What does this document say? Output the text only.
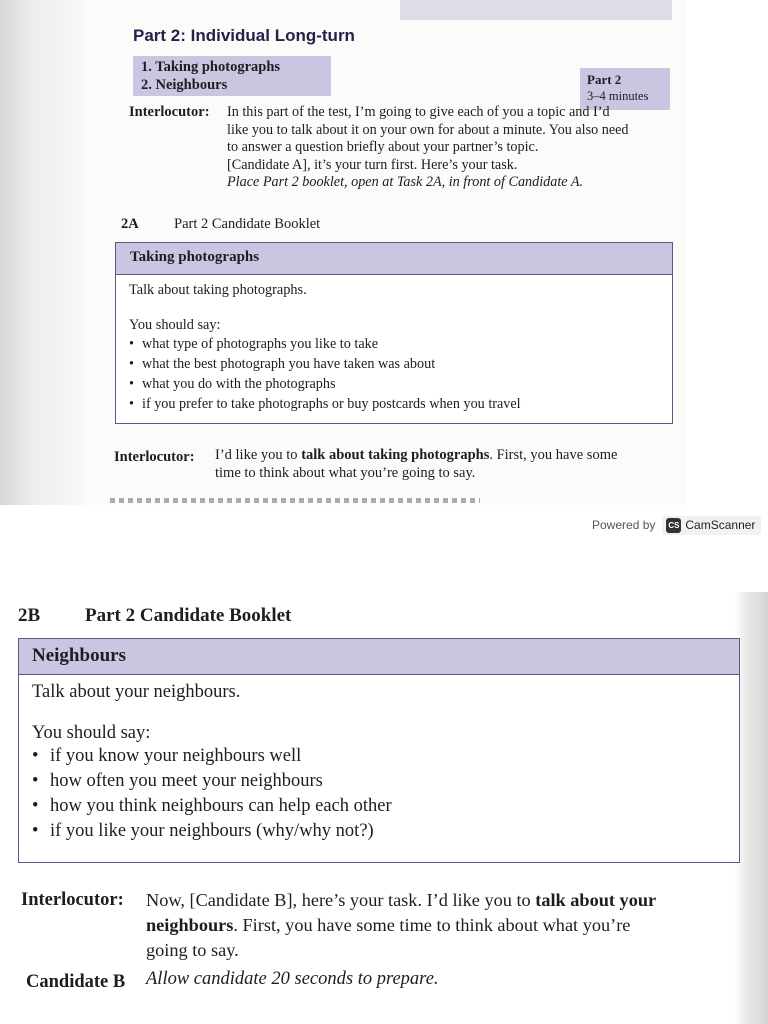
Part 2: Individual Long-turn
1. Taking photographs
2. Neighbours	Part 2
3–4 minutes
Interlocutor: In this part of the test, I’m going to give each of you a topic and I’d
like you to talk about it on your own for about a minute. You also need
to answer a question briefly about your partner’s topic.
[Candidate A], it’s your turn first. Here’s your task.
Place Part 2 booklet, open at Task 2A, in front of Candidate A.
2A Part 2 Candidate Booklet
Taking photographs
Talk about taking photographs.
You should say:
• what type of photographs you like to take
• what the best photograph you have taken was about
• what you do with the photographs
• if you prefer to take photographs or buy postcards when you travel
Interlocutor: I’d like you to talk about taking photographs. First, you have some
time to think about what you’re going to say.
Powered by CS CamScanner
2B Part 2 Candidate Booklet
Neighbours
Talk about your neighbours.
You should say:
• if you know your neighbours well
• how often you meet your neighbours
• how you think neighbours can help each other
• if you like your neighbours (why/why not?)
Interlocutor: Now, [Candidate B], here’s your task. I’d like you to talk about your
neighbours. First, you have some time to think about what you’re
going to say.
Candidate B Allow candidate 20 seconds to prepare.
